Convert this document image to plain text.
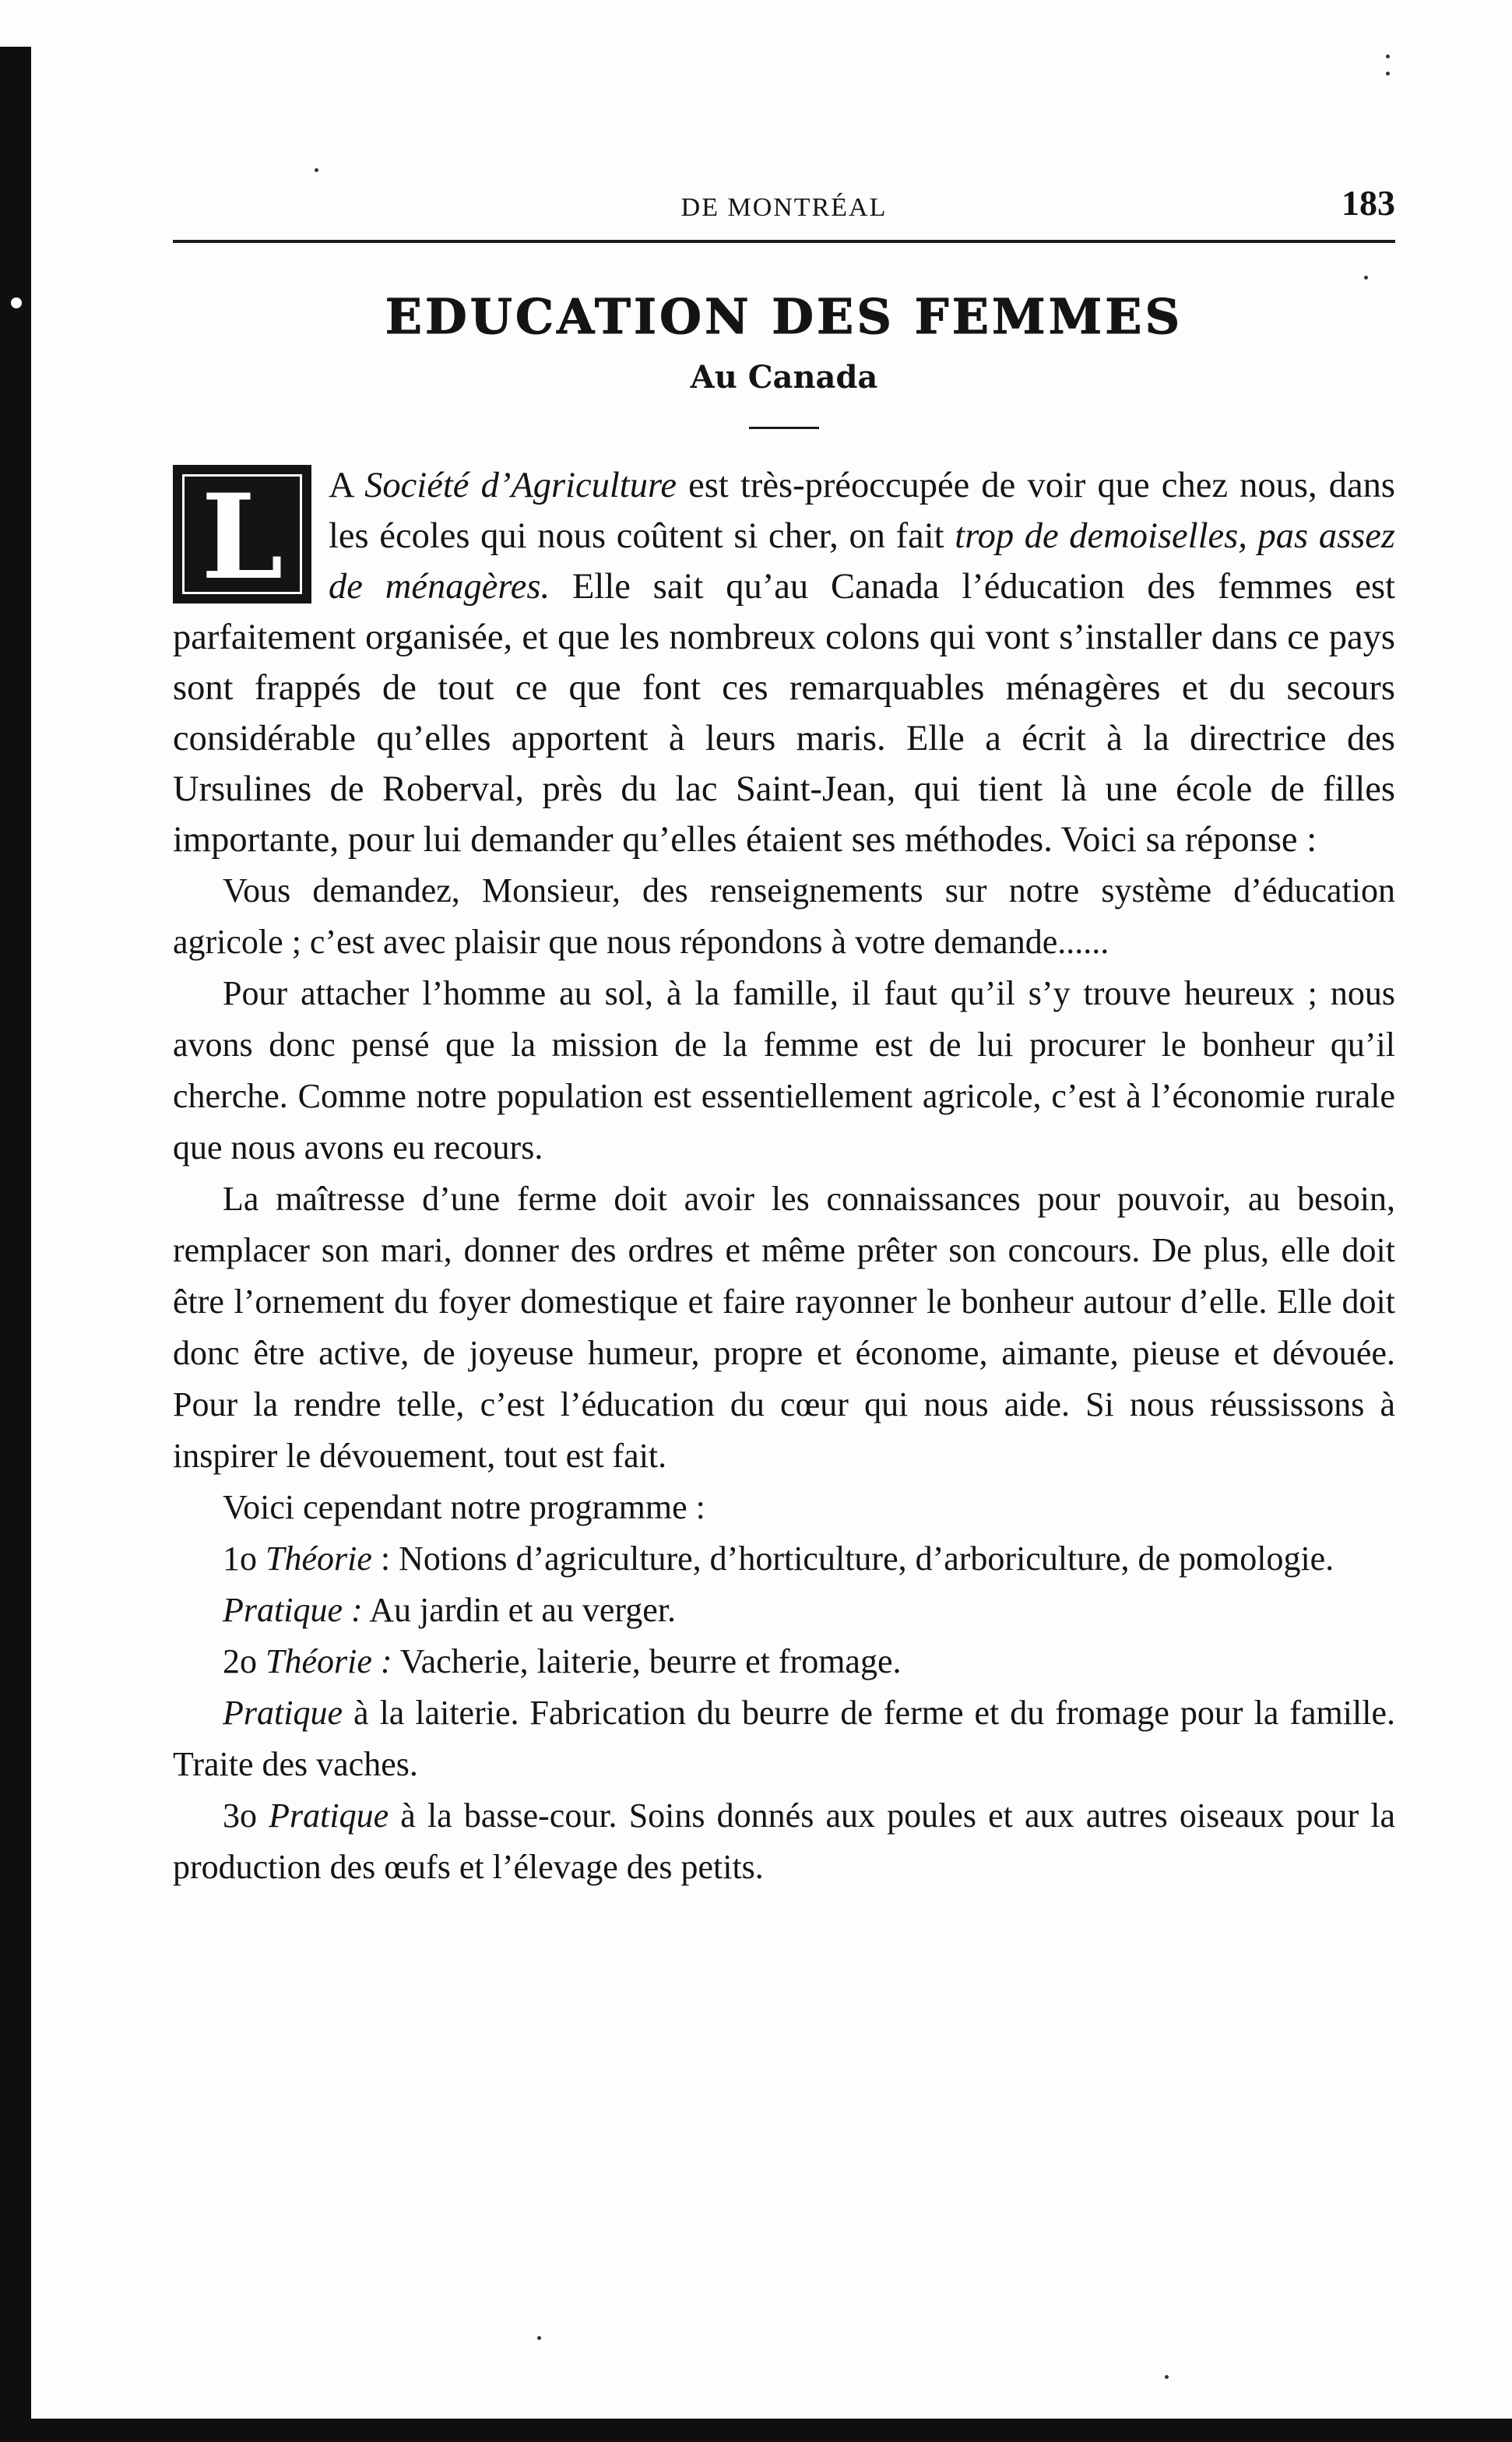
DE MONTRÉAL	183
EDUCATION DES FEMMES
Au Canada

L	A Société d’Agriculture est très-préoccupée de voir que chez nous, dans les écoles qui nous coûtent si cher, on fait trop de demoiselles, pas assez de ménagères. Elle sait qu’au Canada l’éducation des femmes est parfaitement organisée, et que les nombreux colons qui vont s’installer dans ce pays sont frappés de tout ce que font ces remarquables ménagères et du secours considérable qu’elles apportent à leurs maris. Elle a écrit à la directrice des Ursulines de Roberval, près du lac Saint-Jean, qui tient là une école de filles importante, pour lui demander qu’elles étaient ses méthodes. Voici sa réponse :

Vous demandez, Monsieur, des renseignements sur notre système d’éducation agricole ; c’est avec plaisir que nous répondons à votre demande......

Pour attacher l’homme au sol, à la famille, il faut qu’il s’y trouve heureux ; nous avons donc pensé que la mission de la femme est de lui procurer le bonheur qu’il cherche. Comme notre population est essentiellement agricole, c’est à l’économie rurale que nous avons eu recours.

La maîtresse d’une ferme doit avoir les connaissances pour pouvoir, au besoin, remplacer son mari, donner des ordres et même prêter son concours. De plus, elle doit être l’ornement du foyer domestique et faire rayonner le bonheur autour d’elle. Elle doit donc être active, de joyeuse humeur, propre et économe, aimante, pieuse et dévouée. Pour la rendre telle, c’est l’éducation du cœur qui nous aide. Si nous réussissons à inspirer le dévouement, tout est fait.

Voici cependant notre programme :

1o Théorie : Notions d’agriculture, d’horticulture, d’arboriculture, de pomologie.

Pratique : Au jardin et au verger.

2o Théorie : Vacherie, laiterie, beurre et fromage.

Pratique à la laiterie. Fabrication du beurre de ferme et du fromage pour la famille. Traite des vaches.

3o Pratique à la basse-cour. Soins donnés aux poules et aux autres oiseaux pour la production des œufs et l’élevage des petits.
